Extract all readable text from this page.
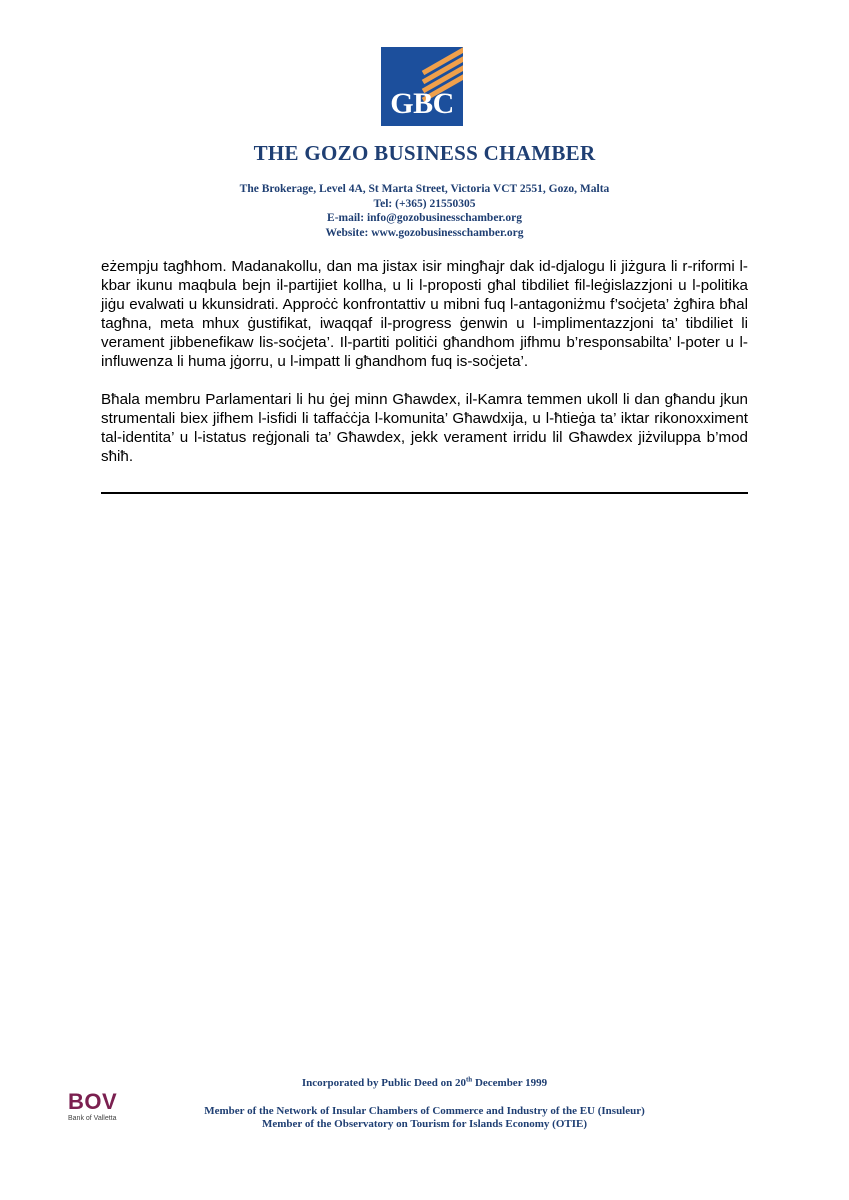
GBC
THE GOZO BUSINESS CHAMBER
The Brokerage, Level 4A, St Marta Street, Victoria VCT 2551, Gozo, Malta
Tel: (+365) 21550305
E-mail: info@gozobusinesschamber.org
Website: www.gozobusinesschamber.org

eżempju tagħhom. Madanakollu, dan ma jistax isir mingħajr dak id-djalogu li jiżgura li r-riformi l-kbar ikunu maqbula bejn il-partijiet kollha, u li l-proposti għal tibdiliet fil-leġislazzjoni u l-politika jiġu evalwati u kkunsidrati. Approċċ konfrontattiv u mibni fuq l-antagoniżmu f’soċjeta’ żgħira bħal tagħna, meta mhux ġustifikat, iwaqqaf il-progress ġenwin u l-implimentazzjoni ta’ tibdiliet li verament jibbenefikaw lis-soċjeta’. Il-partiti politiċi għandhom jifhmu b’responsabilta’ l-poter u l-influwenza li huma jġorru, u l-impatt li għandhom fuq is-soċjeta’.

Bħala membru Parlamentari li hu ġej minn Għawdex, il-Kamra temmen ukoll li dan għandu jkun strumentali biex jifhem l-isfidi li taffaċċja l-komunita’ Għawdxija, u l-ħtieġa ta’ iktar rikonoxximent tal-identita’ u l-istatus reġjonali ta’ Għawdex, jekk verament irridu lil Għawdex jiżviluppa b’mod sħiħ.

Incorporated by Public Deed on 20th December 1999
Member of the Network of Insular Chambers of Commerce and Industry of the EU (Insuleur)
Member of the Observatory on Tourism for Islands Economy (OTIE)
BOV
Bank of Valletta
